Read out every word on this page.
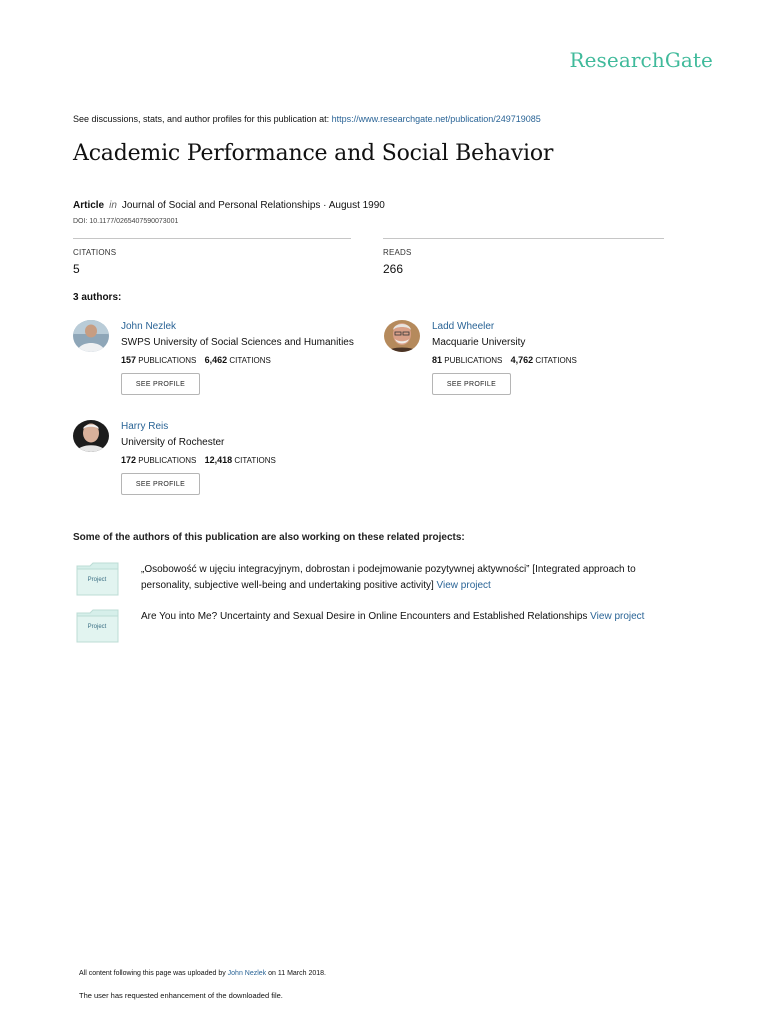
ResearchGate
See discussions, stats, and author profiles for this publication at: https://www.researchgate.net/publication/249719085
Academic Performance and Social Behavior
Article in Journal of Social and Personal Relationships · August 1990
DOI: 10.1177/0265407590073001
CITATIONS
5
READS
266
3 authors:
John Nezlek
SWPS University of Social Sciences and Humanities
157 PUBLICATIONS 6,462 CITATIONS
SEE PROFILE
Ladd Wheeler
Macquarie University
81 PUBLICATIONS 4,762 CITATIONS
SEE PROFILE
Harry Reis
University of Rochester
172 PUBLICATIONS 12,418 CITATIONS
SEE PROFILE
Some of the authors of this publication are also working on these related projects:
Project
„Osobowość w ujęciu integracyjnym, dobrostan i podejmowanie pozytywnej aktywności” [Integrated approach to personality, subjective well-being and undertaking positive activity] View project
Project
Are You into Me? Uncertainty and Sexual Desire in Online Encounters and Established Relationships View project
All content following this page was uploaded by John Nezlek on 11 March 2018.
The user has requested enhancement of the downloaded file.
